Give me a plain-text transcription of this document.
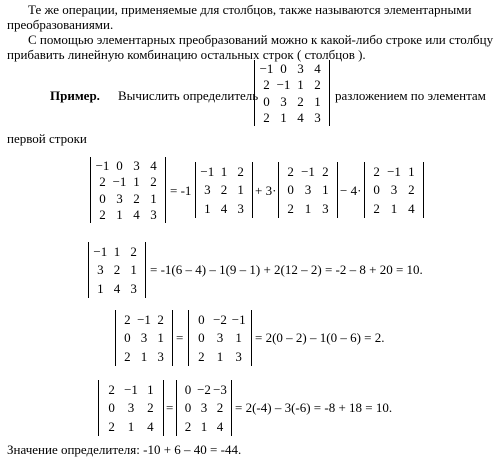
Те же операции, применяемые для столбцов, также называются элементарными
преобразованиями.
С помощью элементарных преобразований можно к какой-либо строке или столбцу
прибавить линейную комбинацию остальных строк ( столбцов ).
Пример. Вычислить определитель
−1 0 3 4
2 −1 1 2
0 3 2 1
2 1 4 3
разложением по элементам
первой строки
−1 0 3 4
2 −1 1 2
0 3 2 1
2 1 4 3
= -1
−1 1 2
3 2 1
1 4 3
+ 3·
2 −1 2
0 3 1
2 1 3
− 4·
2 −1 1
0 3 2
2 1 4
−1 1 2
3 2 1
1 4 3
= -1(6 – 4) – 1(9 – 1) + 2(12 – 2) = -2 – 8 + 20 = 10.
2 −1 2
0 3 1
2 1 3
=
0 −2 −1
0 3 1
2 1 3
= 2(0 – 2) – 1(0 – 6) = 2.
2 −1 1
0 3 2
2 1 4
=
0 −2 −3
0 3 2
2 1 4
= 2(-4) – 3(-6) = -8 + 18 = 10.
Значение определителя: -10 + 6 – 40 = -44.
